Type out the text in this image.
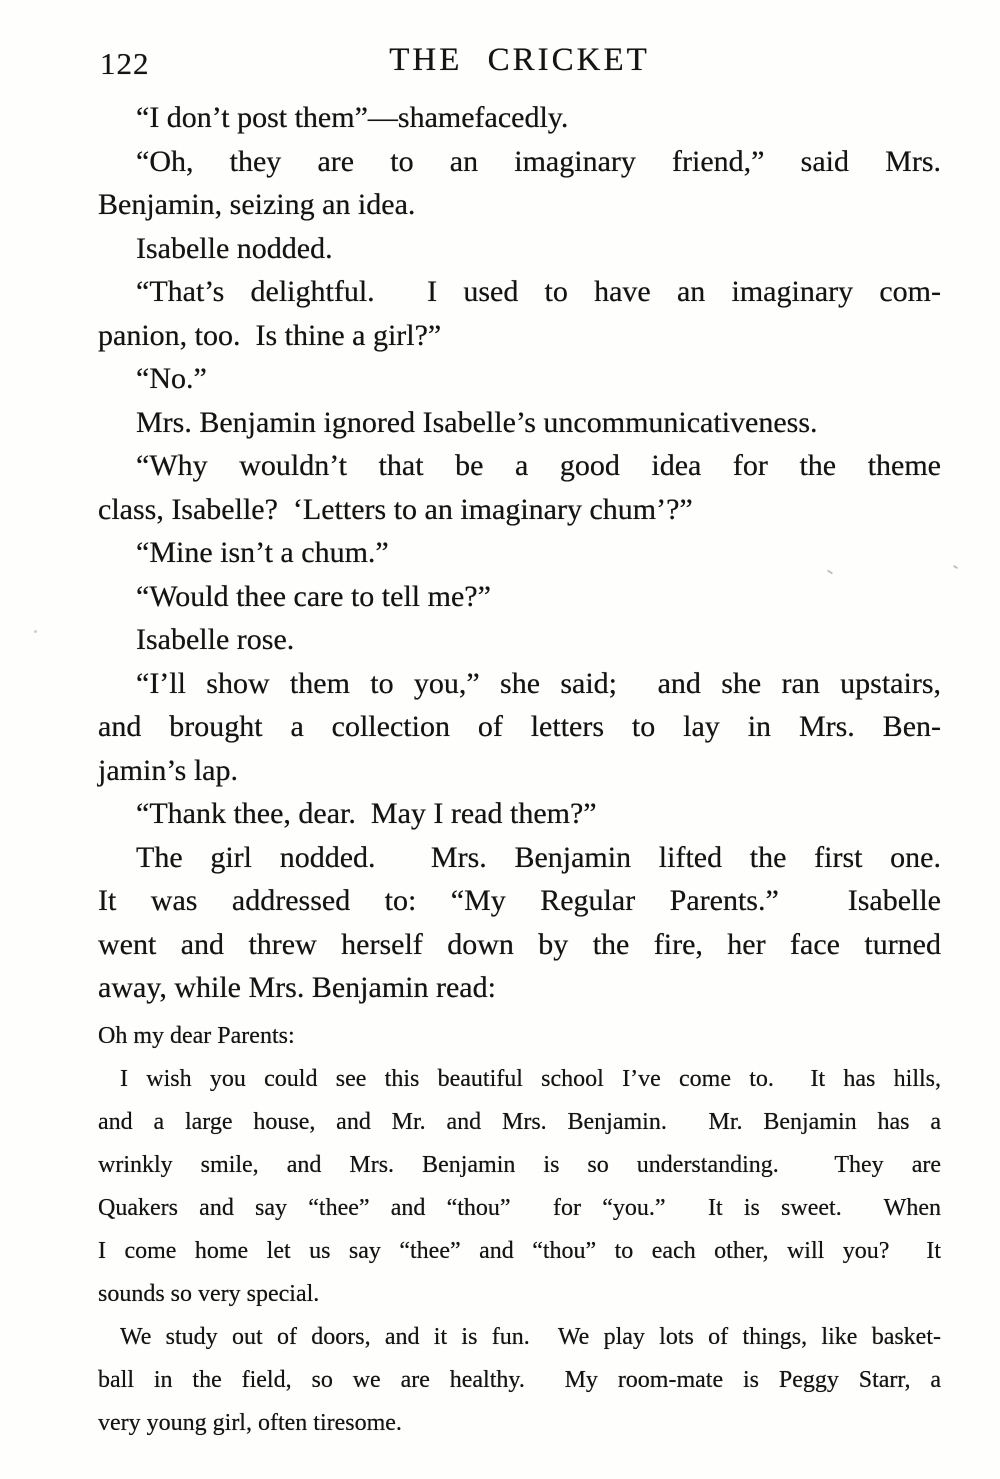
122	THE CRICKET

“I don’t post them”—shamefacedly.

“Oh, they are to an imaginary friend,” said Mrs.
Benjamin, seizing an idea.

Isabelle nodded.

“That’s delightful.  I used to have an imaginary com-
panion, too.  Is thine a girl?”

“No.”

Mrs. Benjamin ignored Isabelle’s uncommunicativeness.

“Why wouldn’t that be a good idea for the theme
class, Isabelle?  ‘Letters to an imaginary chum’?”

“Mine isn’t a chum.”

“Would thee care to tell me?”

Isabelle rose.

“I’ll show them to you,” she said;  and she ran upstairs,
and brought a collection of letters to lay in Mrs. Ben-
jamin’s lap.

“Thank thee, dear.  May I read them?”

The girl nodded.  Mrs. Benjamin lifted the first one.
It was addressed to: “My Regular Parents.”  Isabelle
went and threw herself down by the fire, her face turned
away, while Mrs. Benjamin read:

Oh my dear Parents:

I wish you could see this beautiful school I’ve come to.  It has hills,
and a large house, and Mr. and Mrs. Benjamin.  Mr. Benjamin has a
wrinkly smile, and Mrs. Benjamin is so understanding.  They are
Quakers and say “thee” and “thou”  for “you.”  It is sweet.  When
I come home let us say “thee” and “thou” to each other, will you?  It
sounds so very special.

We study out of doors, and it is fun.  We play lots of things, like basket-
ball in the field, so we are healthy.  My room-mate is Peggy Starr, a
very young girl, often tiresome.
